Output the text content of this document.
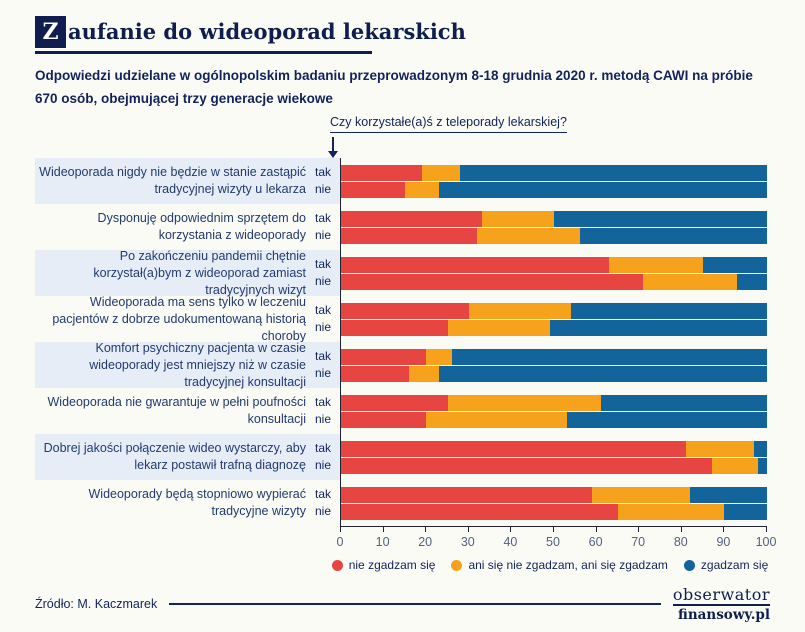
Z aufanie do wideoporad lekarskich
Odpowiedzi udzielane w ogólnopolskim badaniu przeprowadzonym 8-18 grudnia 2020 r. metodą CAWI na próbie
670 osób, obejmującej trzy generacje wiekowe
Czy korzystałe(a)ś z teleporady lekarskiej?
Wideoporada nigdy nie będzie w stanie zastąpić tradycyjnej wizyty u lekarza
tak
nie
Dysponuję odpowiednim sprzętem do korzystania z wideoporady
tak
nie
Po zakończeniu pandemii chętnie korzystał(a)bym z wideoporad zamiast tradycyjnych wizyt
tak
nie
Wideoporada ma sens tylko w leczeniu pacjentów z dobrze udokumentowaną historią choroby
tak
nie
Komfort psychiczny pacjenta w czasie wideoporady jest mniejszy niż w czasie tradycyjnej konsultacji
tak
nie
Wideoporada nie gwarantuje w pełni poufności konsultacji
tak
nie
Dobrej jakości połączenie wideo wystarczy, aby lekarz postawił trafną diagnozę
tak
nie
Wideoporady będą stopniowo wypierać tradycyjne wizyty
tak
nie
0	10 20 30 40 50 60 70 80 90 100
nie zgadzam się	ani się nie zgadzam, ani się zgadzam	zgadzam się
Źródło: M. Kaczmarek	obserwator
finansowy.pl
